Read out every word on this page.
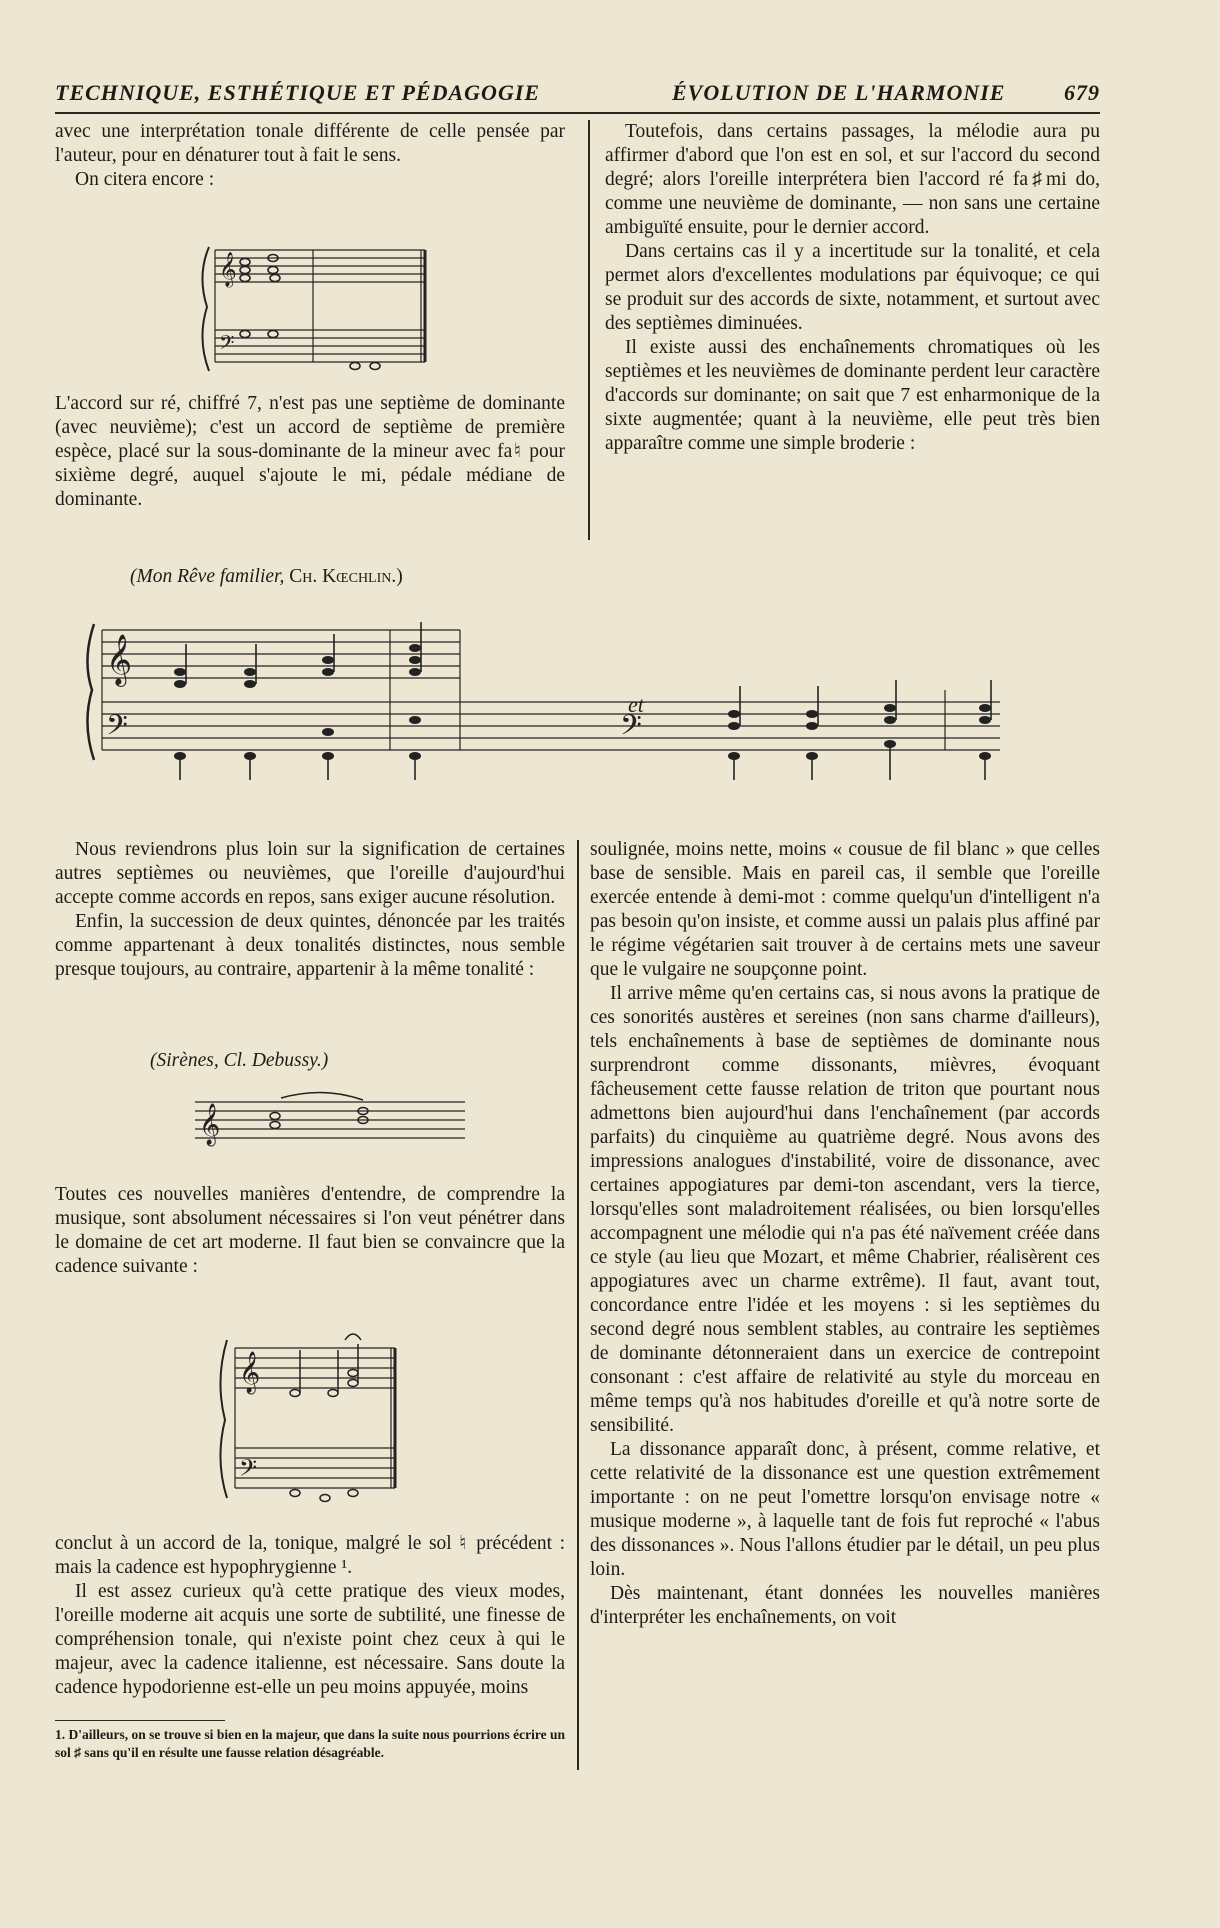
TECHNIQUE, ESTHÉTIQUE ET PÉDAGOGIE	ÉVOLUTION DE L'HARMONIE	679

avec une interprétation tonale différente de celle pensée par l'auteur, pour en dénaturer tout à fait le sens.

On citera encore :

𝄞
𝄢

L'accord sur ré, chiffré 7, n'est pas une septième de dominante (avec neuvième); c'est un accord de septième de première espèce, placé sur la sous-dominante de la mineur avec fa♮ pour sixième degré, auquel s'ajoute le mi, pédale médiane de dominante.

Toutefois, dans certains passages, la mélodie aura pu affirmer d'abord que l'on est en sol, et sur l'accord du second degré; alors l'oreille interprétera bien l'accord ré fa♯mi do, comme une neuvième de dominante, — non sans une certaine ambiguïté ensuite, pour le dernier accord.

Dans certains cas il y a incertitude sur la tonalité, et cela permet alors d'excellentes modulations par équivoque; ce qui se produit sur des accords de sixte, notamment, et surtout avec des septièmes diminuées.

Il existe aussi des enchaînements chromatiques où les septièmes et les neuvièmes de dominante perdent leur caractère d'accords sur dominante; on sait que 7 est enharmonique de la sixte augmentée; quant à la neuvième, elle peut très bien apparaître comme une simple broderie :

(Mon Rêve familier, Ch. Kœchlin.)
𝄞
𝄢	𝄢
et

Nous reviendrons plus loin sur la signification de certaines autres septièmes ou neuvièmes, que l'oreille d'aujourd'hui accepte comme accords en repos, sans exiger aucune résolution.

Enfin, la succession de deux quintes, dénoncée par les traités comme appartenant à deux tonalités distinctes, nous semble presque toujours, au contraire, appartenir à la même tonalité :

(Sirènes, Cl. Debussy.)
𝄞

Toutes ces nouvelles manières d'entendre, de comprendre la musique, sont absolument nécessaires si l'on veut pénétrer dans le domaine de cet art moderne. Il faut bien se convaincre que la cadence suivante :

𝄞
𝄢

conclut à un accord de la, tonique, malgré le sol ♮ précédent : mais la cadence est hypophrygienne ¹.

Il est assez curieux qu'à cette pratique des vieux modes, l'oreille moderne ait acquis une sorte de subtilité, une finesse de compréhension tonale, qui n'existe point chez ceux à qui le majeur, avec la cadence italienne, est nécessaire. Sans doute la cadence hypodorienne est-elle un peu moins appuyée, moins

1. D'ailleurs, on se trouve si bien en la majeur, que dans la suite nous pourrions écrire un sol ♯ sans qu'il en résulte une fausse relation désagréable.

soulignée, moins nette, moins « cousue de fil blanc » que celles base de sensible. Mais en pareil cas, il semble que l'oreille exercée entende à demi-mot : comme quelqu'un d'intelligent n'a pas besoin qu'on insiste, et comme aussi un palais plus affiné par le régime végétarien sait trouver à de certains mets une saveur que le vulgaire ne soupçonne point.

Il arrive même qu'en certains cas, si nous avons la pratique de ces sonorités austères et sereines (non sans charme d'ailleurs), tels enchaînements à base de septièmes de dominante nous surprendront comme dissonants, mièvres, évoquant fâcheusement cette fausse relation de triton que pourtant nous admettons bien aujourd'hui dans l'enchaînement (par accords parfaits) du cinquième au quatrième degré. Nous avons des impressions analogues d'instabilité, voire de dissonance, avec certaines appogiatures par demi-ton ascendant, vers la tierce, lorsqu'elles sont maladroitement réalisées, ou bien lorsqu'elles accompagnent une mélodie qui n'a pas été naïvement créée dans ce style (au lieu que Mozart, et même Chabrier, réalisèrent ces appogiatures avec un charme extrême). Il faut, avant tout, concordance entre l'idée et les moyens : si les septièmes du second degré nous semblent stables, au contraire les septièmes de dominante détonneraient dans un exercice de contrepoint consonant : c'est affaire de relativité au style du morceau en même temps qu'à nos habitudes d'oreille et qu'à notre sorte de sensibilité.

La dissonance apparaît donc, à présent, comme relative, et cette relativité de la dissonance est une question extrêmement importante : on ne peut l'omettre lorsqu'on envisage notre « musique moderne », à laquelle tant de fois fut reproché « l'abus des dissonances ». Nous l'allons étudier par le détail, un peu plus loin.

Dès maintenant, étant données les nouvelles manières d'interpréter les enchaînements, on voit
